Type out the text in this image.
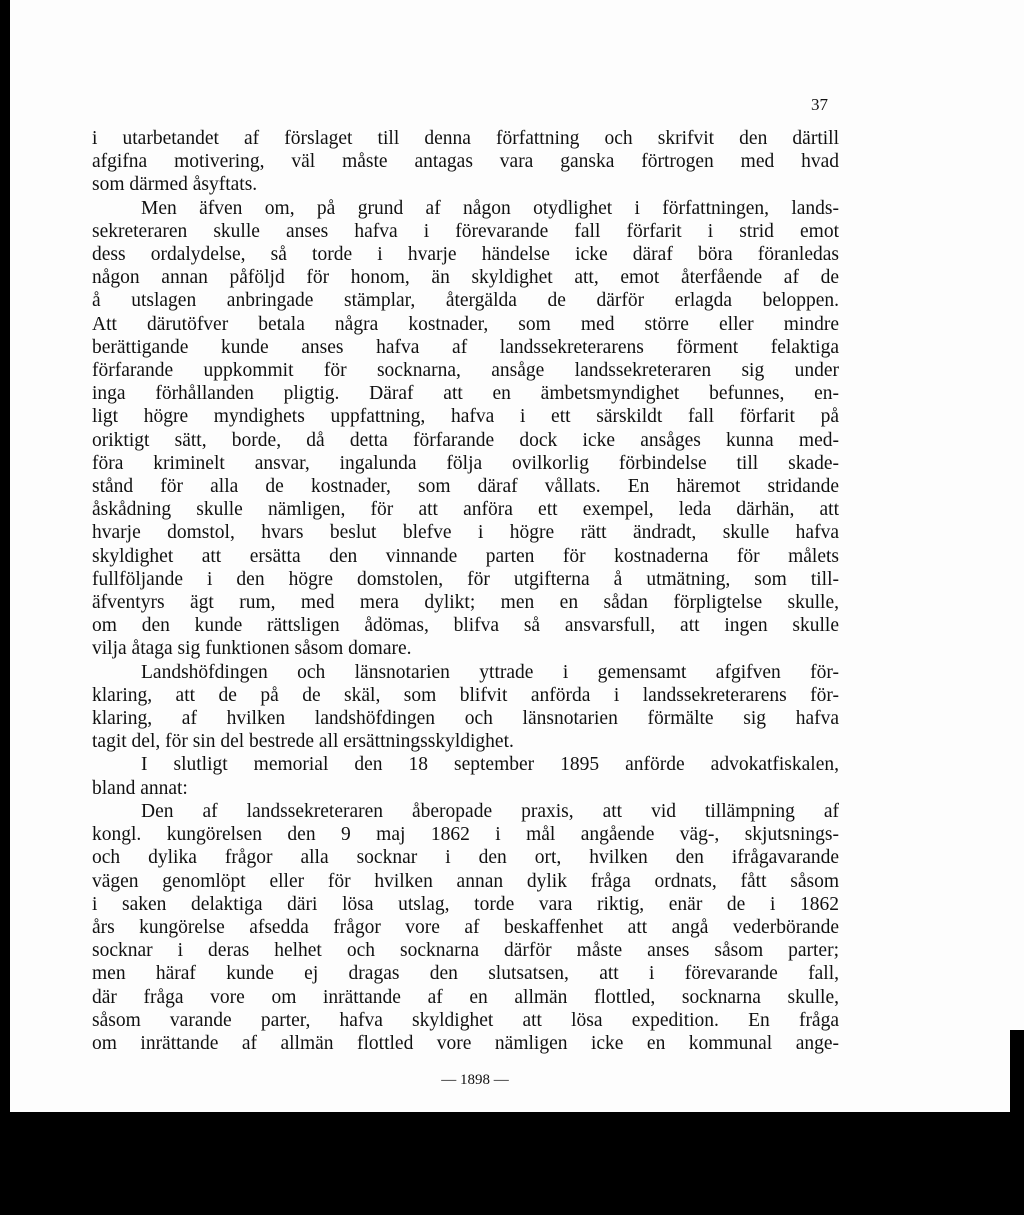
37

i utarbetandet af förslaget till denna författning och skrifvit den därtill
afgifna motivering, väl måste antagas vara ganska förtrogen med hvad
som därmed åsyftats.

Men äfven om, på grund af någon otydlighet i författningen, lands-
sekreteraren skulle anses hafva i förevarande fall förfarit i strid emot
dess ordalydelse, så torde i hvarje händelse icke däraf böra föranledas
någon annan påföljd för honom, än skyldighet att, emot återfående af de
å utslagen anbringade stämplar, återgälda de därför erlagda beloppen.
Att därutöfver betala några kostnader, som med större eller mindre
berättigande kunde anses hafva af landssekreterarens förment felaktiga
förfarande uppkommit för socknarna, ansåge landssekreteraren sig under
inga förhållanden pligtig. Däraf att en ämbetsmyndighet befunnes, en-
ligt högre myndighets uppfattning, hafva i ett särskildt fall förfarit på
oriktigt sätt, borde, då detta förfarande dock icke ansåges kunna med-
föra kriminelt ansvar, ingalunda följa ovilkorlig förbindelse till skade-
stånd för alla de kostnader, som däraf vållats. En häremot stridande
åskådning skulle nämligen, för att anföra ett exempel, leda därhän, att
hvarje domstol, hvars beslut blefve i högre rätt ändradt, skulle hafva
skyldighet att ersätta den vinnande parten för kostnaderna för målets
fullföljande i den högre domstolen, för utgifterna å utmätning, som till-
äfventyrs ägt rum, med mera dylikt; men en sådan förpligtelse skulle,
om den kunde rättsligen ådömas, blifva så ansvarsfull, att ingen skulle
vilja åtaga sig funktionen såsom domare.

Landshöfdingen och länsnotarien yttrade i gemensamt afgifven för-
klaring, att de på de skäl, som blifvit anförda i landssekreterarens för-
klaring, af hvilken landshöfdingen och länsnotarien förmälte sig hafva
tagit del, för sin del bestrede all ersättningsskyldighet.

I slutligt memorial den 18 september 1895 anförde advokatfiskalen,
bland annat:

Den af landssekreteraren åberopade praxis, att vid tillämpning af
kongl. kungörelsen den 9 maj 1862 i mål angående väg-, skjutsnings-
och dylika frågor alla socknar i den ort, hvilken den ifrågavarande
vägen genomlöpt eller för hvilken annan dylik fråga ordnats, fått såsom
i saken delaktiga däri lösa utslag, torde vara riktig, enär de i 1862
års kungörelse afsedda frågor vore af beskaffenhet att angå vederbörande
socknar i deras helhet och socknarna därför måste anses såsom parter;
men häraf kunde ej dragas den slutsatsen, att i förevarande fall,
där fråga vore om inrättande af en allmän flottled, socknarna skulle,
såsom varande parter, hafva skyldighet att lösa expedition. En fråga
om inrättande af allmän flottled vore nämligen icke en kommunal ange-

— 1898 —
